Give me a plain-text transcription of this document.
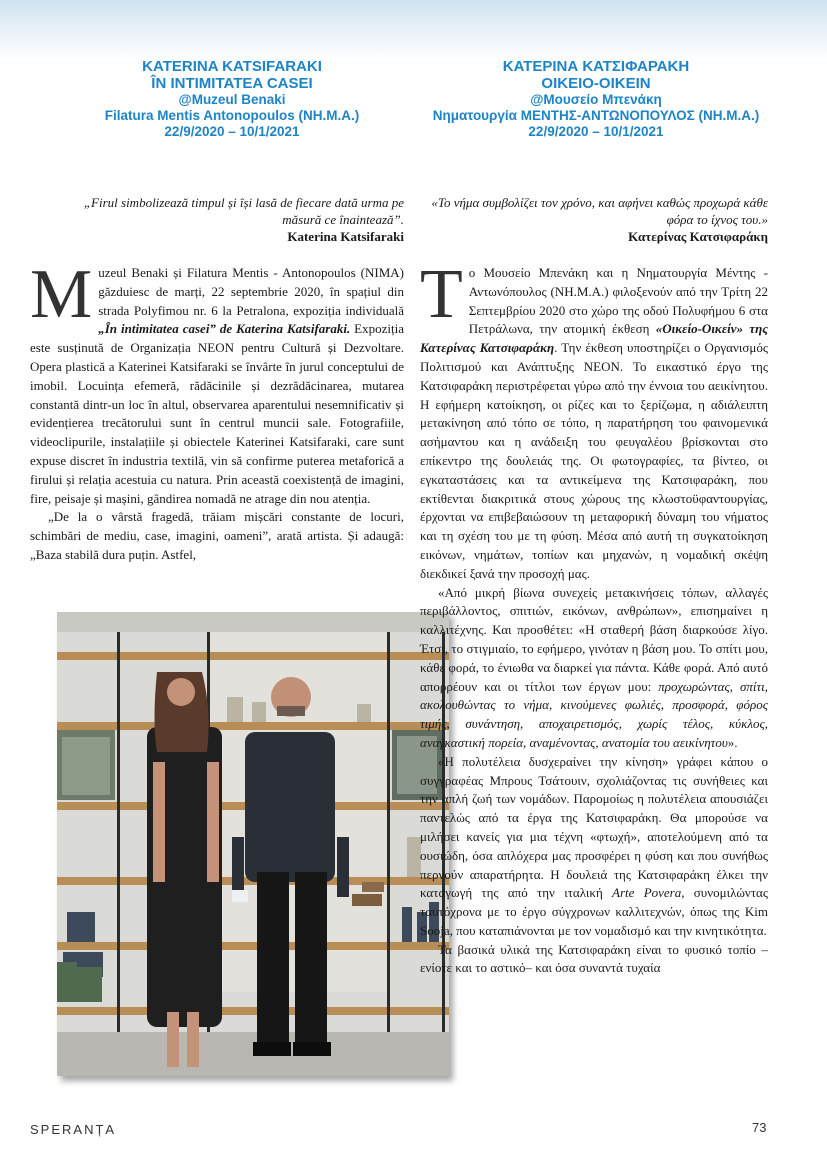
KATERINA KATSIFARAKI
ÎN INTIMITATEA CASEI
@Muzeul Benaki
Filatura Mentis Antonopoulos (NH.M.A.)
22/9/2020 – 10/1/2021
ΚΑΤΕΡΙΝΑ ΚΑΤΣΙΦΑΡΑΚΗ
ΟΙΚΕΙΟ-ΟΙΚΕΙΝ
@Μουσείο Μπενάκη
Νηματουργία ΜΕΝΤΗΣ-ΑΝΤΩΝΟΠΟΥΛΟΣ (ΝΗ.Μ.Α.)
22/9/2020 – 10/1/2021
„Firul simbolizează timpul și își lasă de fiecare dată urma pe măsură ce înaintează”.
Katerina Katsifaraki
«Το νήμα συμβολίζει τον χρόνο, και αφήνει καθώς προχωρά κάθε φόρα το ίχνος του.»
Κατερίνας Κατσιφαράκη

Muzeul Benaki și Filatura Mentis - Antonopoulos (NIMA) găzduiesc de marți, 22 septembrie 2020, în spațiul din strada Polyfimou nr. 6 la Petralona, expoziția individuală „În intimitatea casei” de Katerina Katsifaraki. Expoziția este susținută de Organizația NEON pentru Cultură și Dezvoltare. Opera plastică a Katerinei Katsifaraki se învârte în jurul conceptului de imobil. Locuința efemeră, rădăcinile și dezrădăcinarea, mutarea constantă dintr-un loc în altul, observarea aparentului nesemnificativ și evidențierea trecătorului sunt în centrul muncii sale. Fotografiile, videoclipurile, instalațiile și obiectele Katerinei Katsifaraki, care sunt expuse discret în industria textilă, vin să confirme puterea metaforică a firului și relația acestuia cu natura. Prin această coexistență de imagini, fire, peisaje și mașini, gândirea nomadă ne atrage din nou atenția.

„De la o vârstă fragedă, trăiam mișcări constante de locuri, schimbări de mediu, case, imagini, oameni”, arată artista. Și adaugă: „Baza stabilă dura puțin. Astfel,

Το Μουσείο Μπενάκη και η Νηματουργία Μέντης - Αντωνόπουλος (ΝΗ.Μ.Α.) φιλοξενούν από την Τρίτη 22 Σεπτεμβρίου 2020 στο χώρο της οδού Πολυφήμου 6 στα Πετράλωνα, την ατομική έκθεση «Οικείο-Οικείν» της Κατερίνας Κατσιφαράκη. Την έκθεση υποστηρίζει ο Οργανισμός Πολιτισμού και Ανάπτυξης NEON. Το εικαστικό έργο της Κατσιφαράκη περιστρέφεται γύρω από την έννοια του αεικίνητου. Η εφήμερη κατοίκηση, οι ρίζες και το ξερίζωμα, η αδιάλειπτη μετακίνηση από τόπο σε τόπο, η παρατήρηση του φαινομενικά ασήμαντου και η ανάδειξη του φευγαλέου βρίσκονται στο επίκεντρο της δουλειάς της. Οι φωτογραφίες, τα βίντεο, οι εγκαταστάσεις και τα αντικείμενα της Κατσιφαράκη, που εκτίθενται διακριτικά στους χώρους της κλωστοϋφαντουργίας, έρχονται να επιβεβαιώσουν τη μεταφορική δύναμη του νήματος και τη σχέση του με τη φύση. Μέσα από αυτή τη συγκατοίκηση εικόνων, νημάτων, τοπίων και μηχανών, η νομαδική σκέψη διεκδικεί ξανά την προσοχή μας.

«Από μικρή βίωνα συνεχείς μετακινήσεις τόπων, αλλαγές περιβάλλοντος, σπιτιών, εικόνων, ανθρώπων», επισημαίνει η καλλιτέχνης. Και προσθέτει: «Η σταθερή βάση διαρκούσε λίγο. Έτσι, το στιγμιαίο, το εφήμερο, γινόταν η βάση μου. Το σπίτι μου, κάθε φορά, το ένιωθα να διαρκεί για πάντα. Κάθε φορά. Από αυτό απορρέουν και οι τίτλοι των έργων μου: προχωρώντας, σπίτι, ακολουθώντας το νήμα, κινούμενες φωλιές, προσφορά, φόρος τιμής, συνάντηση, αποχαιρετισμός, χωρίς τέλος, κύκλος, αναγκαστική πορεία, αναμένοντας, ανατομία του αεικίνητου».

«Η πολυτέλεια δυσχεραίνει την κίνηση» γράφει κάπου ο συγγραφέας Μπρους Τσάτουιν, σχολιάζοντας τις συνήθειες και την απλή ζωή των νομάδων. Παρομοίως η πολυτέλεια απουσιάζει παντελώς από τα έργα της Κατσιφαράκη. Θα μπορούσε να μιλήσει κανείς για μια τέχνη «φτωχή», αποτελούμενη από τα ουσιώδη, όσα απλόχερα μας προσφέρει η φύση και που συνήθως περνούν απαρατήρητα. Η δουλειά της Κατσιφαράκη έλκει την καταγωγή της από την ιταλική Arte Povera, συνομιλώντας ταυτόχρονα με το έργο σύγχρονων καλλιτεχνών, όπως της Kim Sooja, που καταπιάνονται με τον νομαδισμό και την κινητικότητα.

Τα βασικά υλικά της Κατσιφαράκη είναι το φυσικό τοπίο –ενίοτε και το αστικό– και όσα συναντά τυχαία

SPERANȚA	73
